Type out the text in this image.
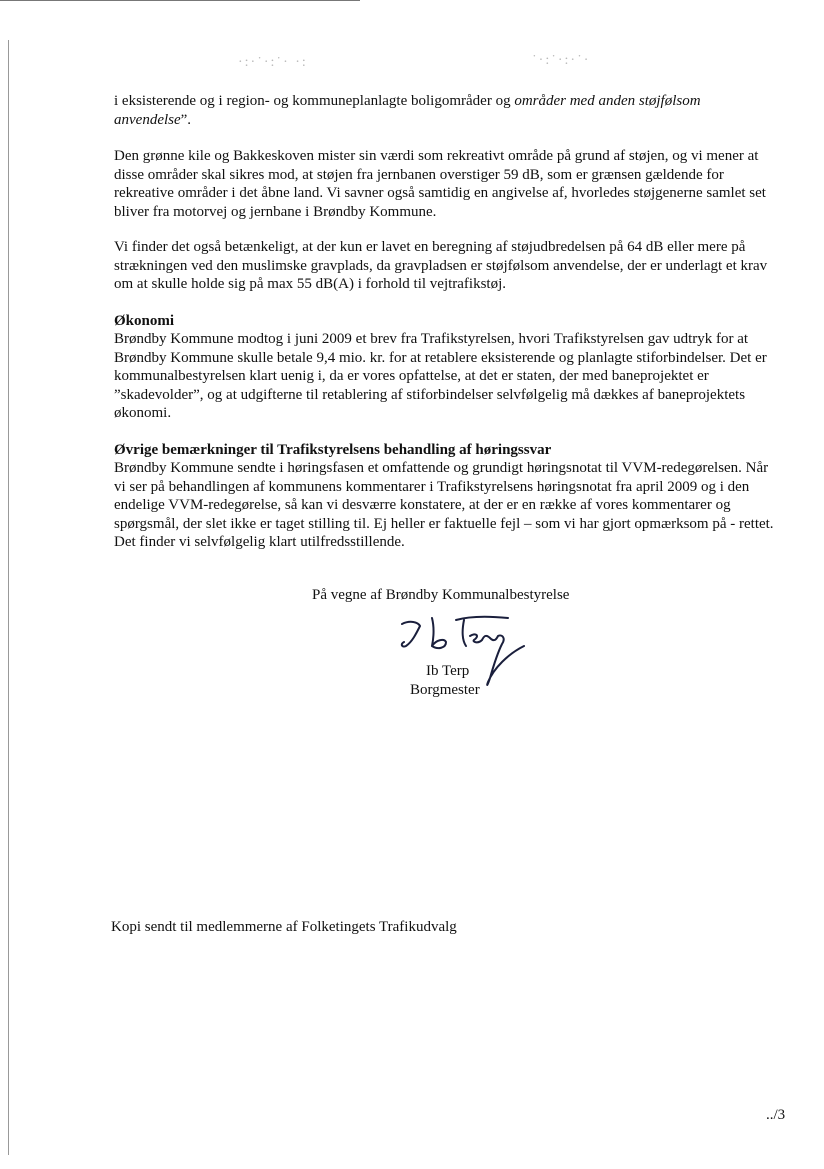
·:·˙·:˙· ·:	˙·:˙·:·˙·

i eksisterende og i region- og kommuneplanlagte boligområder og områder med anden støjfølsom anvendelse”.

Den grønne kile og Bakkeskoven mister sin værdi som rekreativt område på grund af støjen, og vi mener at disse områder skal sikres mod, at støjen fra jernbanen overstiger 59 dB, som er grænsen gældende for rekreative områder i det åbne land. Vi savner også samtidig en angivelse af, hvorledes støjgenerne samlet set bliver fra motorvej og jernbane i Brøndby Kommune.

Vi finder det også betænkeligt, at der kun er lavet en beregning af støjudbredelsen på 64 dB eller mere på strækningen ved den muslimske gravplads, da gravpladsen er støjfølsom anvendelse, der er underlagt et krav om at skulle holde sig på max 55 dB(A) i forhold til vejtrafikstøj.

Økonomi

Brøndby Kommune modtog i juni 2009 et brev fra Trafikstyrelsen, hvori Trafikstyrelsen gav udtryk for at Brøndby Kommune skulle betale 9,4 mio. kr. for at retablere eksisterende og planlagte stiforbindelser. Det er kommunalbestyrelsen klart uenig i, da er vores opfattelse, at det er staten, der med baneprojektet er ”skadevolder”, og at udgifterne til retablering af stiforbindelser selvfølgelig må dækkes af baneprojektets økonomi.

Øvrige bemærkninger til Trafikstyrelsens behandling af høringssvar

Brøndby Kommune sendte i høringsfasen et omfattende og grundigt høringsnotat til VVM-redegørelsen. Når vi ser på behandlingen af kommunens kommentarer i Trafikstyrelsens høringsnotat fra april 2009 og i den endelige VVM-redegørelse, så kan vi desværre konstatere, at der er en række af vores kommentarer og spørgsmål, der slet ikke er taget stilling til. Ej heller er faktuelle fejl – som vi har gjort opmærksom på - rettet. Det finder vi selvfølgelig klart utilfredsstillende.

På vegne af Brøndby Kommunalbestyrelse

Ib Terp

Borgmester

Kopi sendt til medlemmerne af Folketingets Trafikudvalg

../3
